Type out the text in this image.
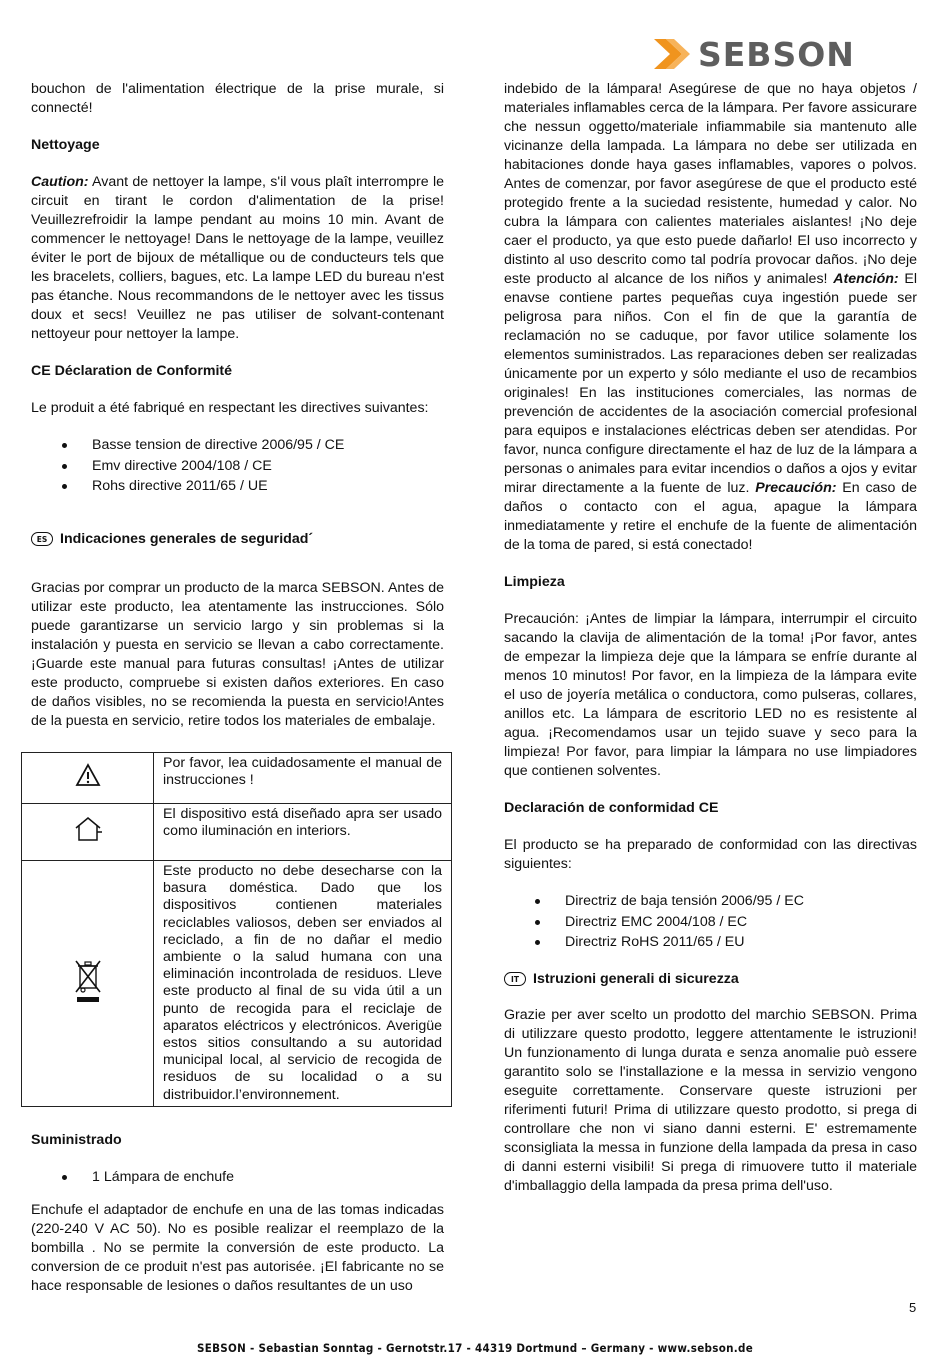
SEBSON

bouchon de l'alimentation électrique de la prise murale, si connecté!

Nettoyage

Caution: Avant de nettoyer la lampe, s'il vous plaît interrompre le circuit en tirant le cordon d'alimentation de la prise! Veuillezrefroidir la lampe pendant au moins 10 min. Avant de commencer le nettoyage! Dans le nettoyage de la lampe, veuillez éviter le port de bijoux de métallique ou de conducteurs tels que les bracelets, colliers, bagues, etc. La lampe LED du bureau n'est pas étanche. Nous recommandons de le nettoyer avec les tissus doux et secs! Veuillez ne pas utiliser de solvant-contenant nettoyeur pour nettoyer la lampe.

CE Déclaration de Conformité

Le produit a été fabriqué en respectant les directives suivantes:

Basse tension de directive 2006/95 / CE
Emv directive 2004/108 / CE
Rohs directive 2011/65 / UE
ES Indicaciones generales de seguridad´

Gracias por comprar un producto de la marca SEBSON. Antes de utilizar este producto, lea atentamente las instrucciones. Sólo puede garantizarse un servicio largo y sin problemas si la instalación y puesta en servicio se llevan a cabo correctamente. ¡Guarde este manual para futuras consultas! ¡Antes de utilizar este producto, compruebe si existen daños exteriores. En caso de daños visibles, no se recomienda la puesta en servicio!Antes de la puesta en servicio, retire todos los materiales de embalaje.

	Por favor, lea cuidadosamente el manual de instrucciones !
	El dispositivo está diseñado apra ser usado como iluminación en interiors.
	Este producto no debe desecharse con la basura doméstica. Dado que los dispositivos contienen materiales reciclables valiosos, deben ser enviados al reciclado, a fin de no dañar el medio ambiente o la salud humana con una eliminación incontrolada de residuos. Lleve este producto al final de su vida útil a un punto de recogida para el reciclaje de aparatos eléctricos y electrónicos. Averigüe estos sitios consultando a su autoridad municipal local, al servicio de recogida de residuos de su localidad o a su distribuidor.l’environnement.

Suministrado

1 Lámpara de enchufe

Enchufe el adaptador de enchufe en una de las tomas indicadas (220-240 V AC 50). No es posible realizar el reemplazo de la bombilla . No se permite la conversión de este producto. La conversion de ce produit n'est pas autorisée. ¡El fabricante no se hace responsable de lesiones o daños resultantes de un uso

indebido de la lámpara! Asegúrese de que no haya objetos / materiales inflamables cerca de la lámpara. Per favore assicurare che nessun oggetto/materiale infiammabile sia mantenuto alle vicinanze della lampada. La lámpara no debe ser utilizada en habitaciones donde haya gases inflamables, vapores o polvos. Antes de comenzar, por favor asegúrese de que el producto esté protegido frente a la suciedad resistente, humedad y calor. No cubra la lámpara con calientes materiales aislantes! ¡No deje caer el producto, ya que esto puede dañarlo! El uso incorrecto y distinto al uso descrito como tal podría provocar daños. ¡No deje este producto al alcance de los niños y animales! Atención: El enavse contiene partes pequeñas cuya ingestión puede ser peligrosa para niños. Con el fin de que la garantía de reclamación no se caduque, por favor utilice solamente los elementos suministrados. Las reparaciones deben ser realizadas únicamente por un experto y sólo mediante el uso de recambios originales! En las instituciones comerciales, las normas de prevención de accidentes de la asociación comercial profesional para equipos e instalaciones eléctricas deben ser atendidas. Por favor, nunca configure directamente el haz de luz de la lámpara a personas o animales para evitar incendios o daños a ojos y evitar mirar directamente a la fuente de luz. Precaución: En caso de daños o contacto con el agua, apague la lámpara inmediatamente y retire el enchufe de la fuente de alimentación de la toma de pared, si está conectado!

Limpieza

Precaución: ¡Antes de limpiar la lámpara, interrumpir el circuito sacando la clavija de alimentación de la toma! ¡Por favor, antes de empezar la limpieza deje que la lámpara se enfríe durante al menos 10 minutos! Por favor, en la limpieza de la lámpara evite el uso de joyería metálica o conductora, como pulseras, collares, anillos etc. La lámpara de escritorio LED no es resistente al agua. ¡Recomendamos usar un tejido suave y seco para la limpieza! Por favor, para limpiar la lámpara no use limpiadores que contienen solventes.

Declaración de conformidad CE

El producto se ha preparado de conformidad con las directivas siguientes:

Directriz de baja tensión 2006/95 / EC
Directriz EMC 2004/108 / EC
Directriz RoHS 2011/65 / EU
IT Istruzioni generali di sicurezza

Grazie per aver scelto un prodotto del marchio SEBSON. Prima di utilizzare questo prodotto, leggere attentamente le istruzioni! Un funzionamento di lunga durata e senza anomalie può essere garantito solo se l'installazione e la messa in servizio vengono eseguite correttamente. Conservare queste istruzioni per riferimenti futuri! Prima di utilizzare questo prodotto, si prega di controllare che non vi siano danni esterni. E' estremamente sconsigliata la messa in funzione della lampada da presa in caso di danni esterni visibili! Si prega di rimuovere tutto il materiale d'imballaggio della lampada da presa prima dell'uso.

5
SEBSON - Sebastian Sonntag - Gernotstr.17 - 44319 Dortmund – Germany - www.sebson.de
